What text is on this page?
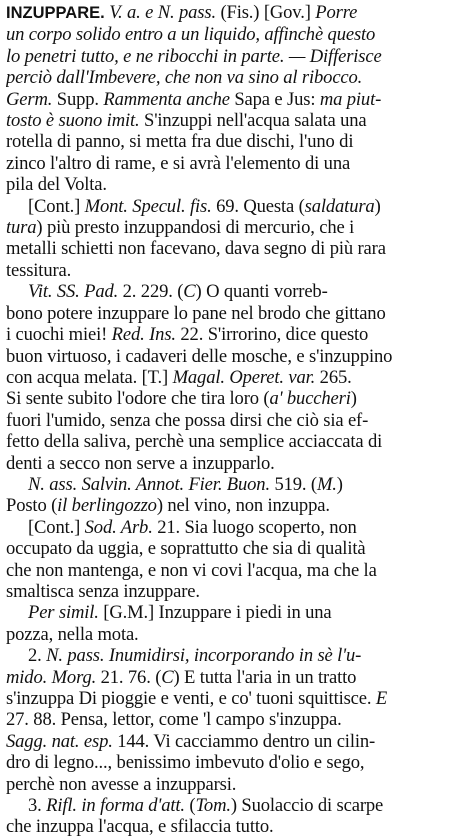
INZUPPARE. V. a. e N. pass. (Fis.) [Gov.] Porre
un corpo solido entro a un liquido, affinchè questo
lo penetri tutto, e ne ribocchi in parte. — Differisce
perciò dall'Imbevere, che non va sino al ribocco.
Germ. Supp. Rammenta anche Sapa e Jus: ma piut-
tosto è suono imit. S'inzuppi nell'acqua salata una
rotella di panno, si metta fra due dischi, l'uno di
zinco l'altro di rame, e si avrà l'elemento di una
pila del Volta.
[Cont.] Mont. Specul. fis. 69. Questa (saldatura)
tura) più presto inzuppandosi di mercurio, che i
metalli schietti non facevano, dava segno di più rara
tessitura.
Vit. SS. Pad. 2. 229. (C) O quanti vorreb-
bono potere inzuppare lo pane nel brodo che gittano
i cuochi miei! Red. Ins. 22. S'irrorino, dice questo
buon virtuoso, i cadaveri delle mosche, e s'inzuppino
con acqua melata. [T.] Magal. Operet. var. 265.
Si sente subito l'odore che tira loro (a' buccheri)
fuori l'umido, senza che possa dirsi che ciò sia ef-
fetto della saliva, perchè una semplice acciaccata di
denti a secco non serve a inzupparlo.
N. ass. Salvin. Annot. Fier. Buon. 519. (M.)
Posto (il berlingozzo) nel vino, non inzuppa.
[Cont.] Sod. Arb. 21. Sia luogo scoperto, non
occupato da uggia, e soprattutto che sia di qualità
che non mantenga, e non vi covi l'acqua, ma che la
smaltisca senza inzuppare.
Per simil. [G.M.] Inzuppare i piedi in una
pozza, nella mota.
2. N. pass. Inumidirsi, incorporando in sè l'u-
mido. Morg. 21. 76. (C) E tutta l'aria in un tratto
s'inzuppa Di pioggie e venti, e co' tuoni squittisce. E
27. 88. Pensa, lettor, come 'l campo s'inzuppa.
Sagg. nat. esp. 144. Vi cacciammo dentro un cilin-
dro di legno..., benissimo imbevuto d'olio e sego,
perchè non avesse a inzupparsi.
3. Rifl. in forma d'att. (Tom.) Suolaccio di scarpe
che inzuppa l'acqua, e sfilaccia tutto.
